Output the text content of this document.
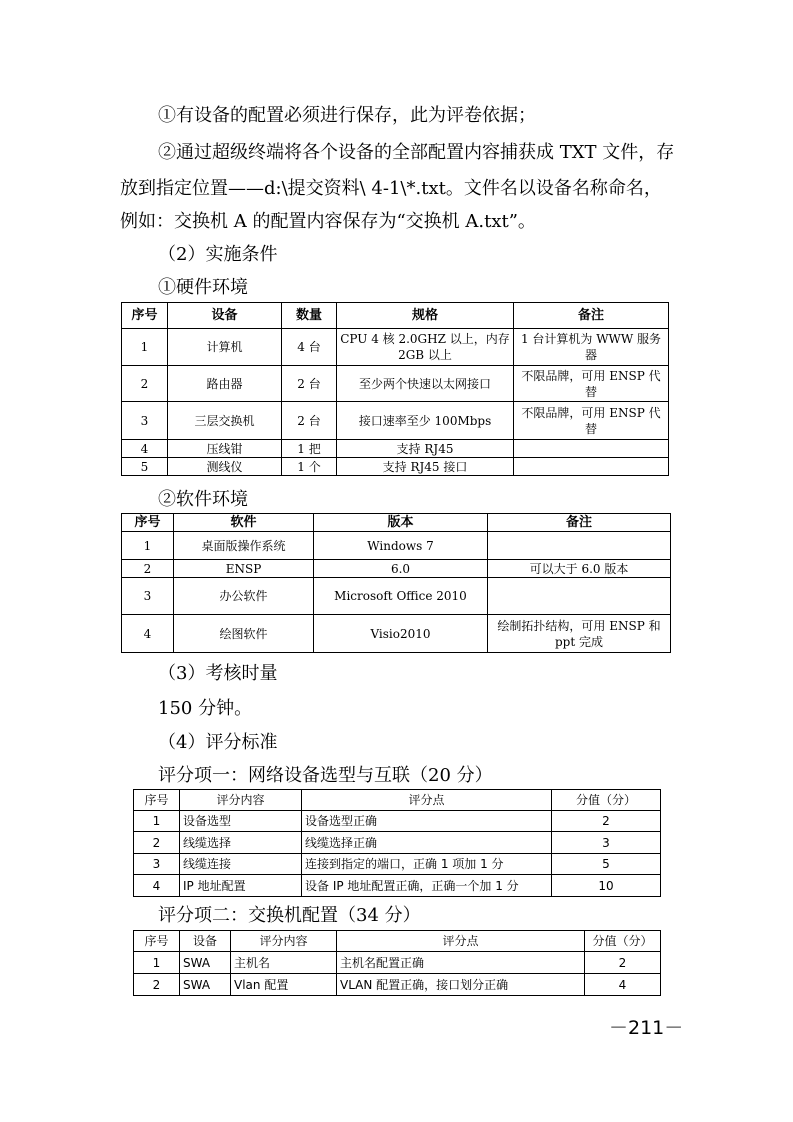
①有设备的配置必须进行保存，此为评卷依据；
②通过超级终端将各个设备的全部配置内容捕获成 TXT 文件，存
放到指定位置——d:\提交资料\ 4-1\*.txt。文件名以设备名称命名，
例如：交换机 A 的配置内容保存为“交换机 A.txt”。
（2）实施条件
①硬件环境
序号	设备	数量	规格	备注
1	计算机	4 台	CPU 4 核 2.0GHZ 以上，内存 2GB 以上	1 台计算机为 WWW 服务器
2	路由器	2 台	至少两个快速以太网接口	不限品牌，可用 ENSP 代替
3	三层交换机	2 台	接口速率至少 100Mbps	不限品牌，可用 ENSP 代替
4	压线钳	1 把	支持 RJ45	
5	测线仪	1 个	支持 RJ45 接口	
②软件环境
序号	软件	版本	备注
1	桌面版操作系统	Windows 7	
2	ENSP	6.0	可以大于 6.0 版本
3	办公软件	Microsoft Office 2010	
4	绘图软件	Visio2010	绘制拓扑结构，可用 ENSP 和 ppt 完成
（3）考核时量
150 分钟。
（4）评分标准
评分项一：网络设备选型与互联（20 分）
序号	评分内容	评分点	分值（分）
1	设备选型	设备选型正确	2
2	线缆选择	线缆选择正确	3
3	线缆连接	连接到指定的端口，正确 1 项加 1 分	5
4	IP 地址配置	设备 IP 地址配置正确，正确一个加 1 分	10
评分项二：交换机配置（34 分）
序号	设备	评分内容	评分点	分值（分）
1	SWA	主机名	主机名配置正确	2
2	SWA	Vlan 配置	VLAN 配置正确，接口划分正确	4
－211－
